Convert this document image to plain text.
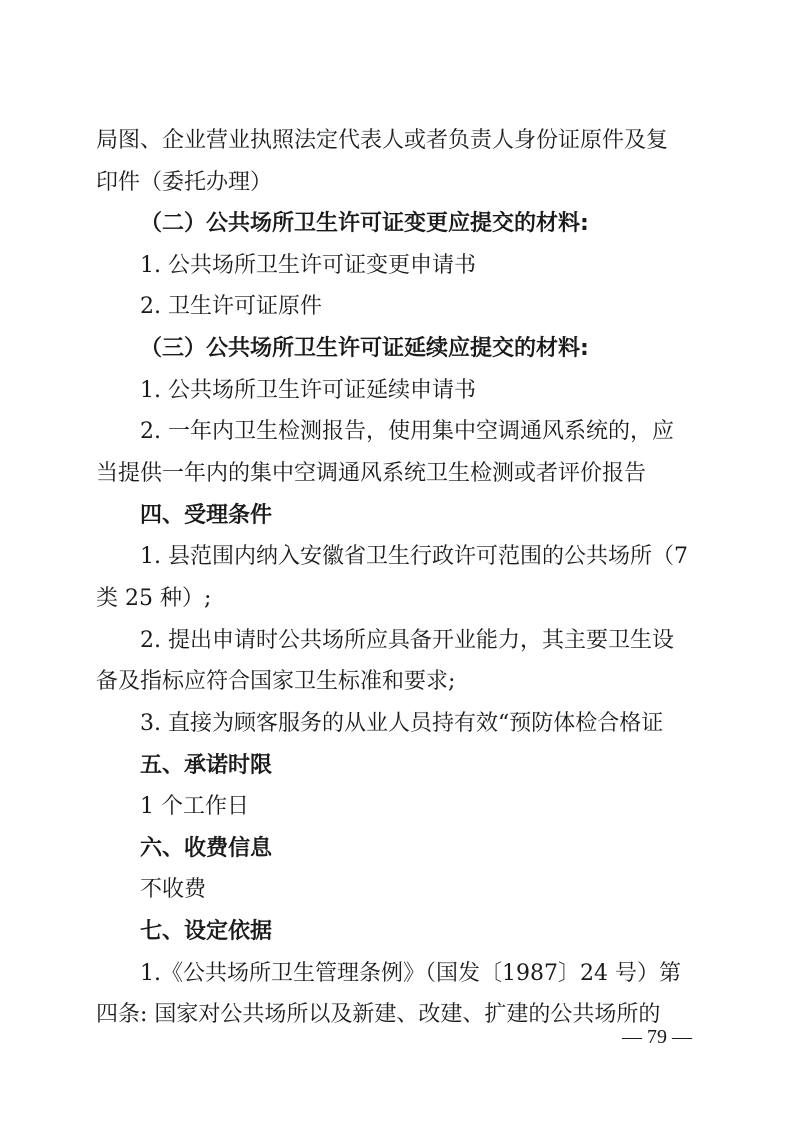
局图、企业营业执照法定代表人或者负责人身份证原件及复
印件（委托办理）
（二）公共场所卫生许可证变更应提交的材料:
1. 公共场所卫生许可证变更申请书
2. 卫生许可证原件
（三）公共场所卫生许可证延续应提交的材料:
1. 公共场所卫生许可证延续申请书
2. 一年内卫生检测报告，使用集中空调通风系统的，应
当提供一年内的集中空调通风系统卫生检测或者评价报告
四、受理条件
1. 县范围内纳入安徽省卫生行政许可范围的公共场所（7
类 25 种）;
2. 提出申请时公共场所应具备开业能力，其主要卫生设
备及指标应符合国家卫生标准和要求;
3. 直接为顾客服务的从业人员持有效“预防体检合格证
五、承诺时限
1 个工作日
六、收费信息
不收费
七、设定依据
1.《公共场所卫生管理条例》（国发〔1987〕24 号）第
四条: 国家对公共场所以及新建、改建、扩建的公共场所的
— 79 —
